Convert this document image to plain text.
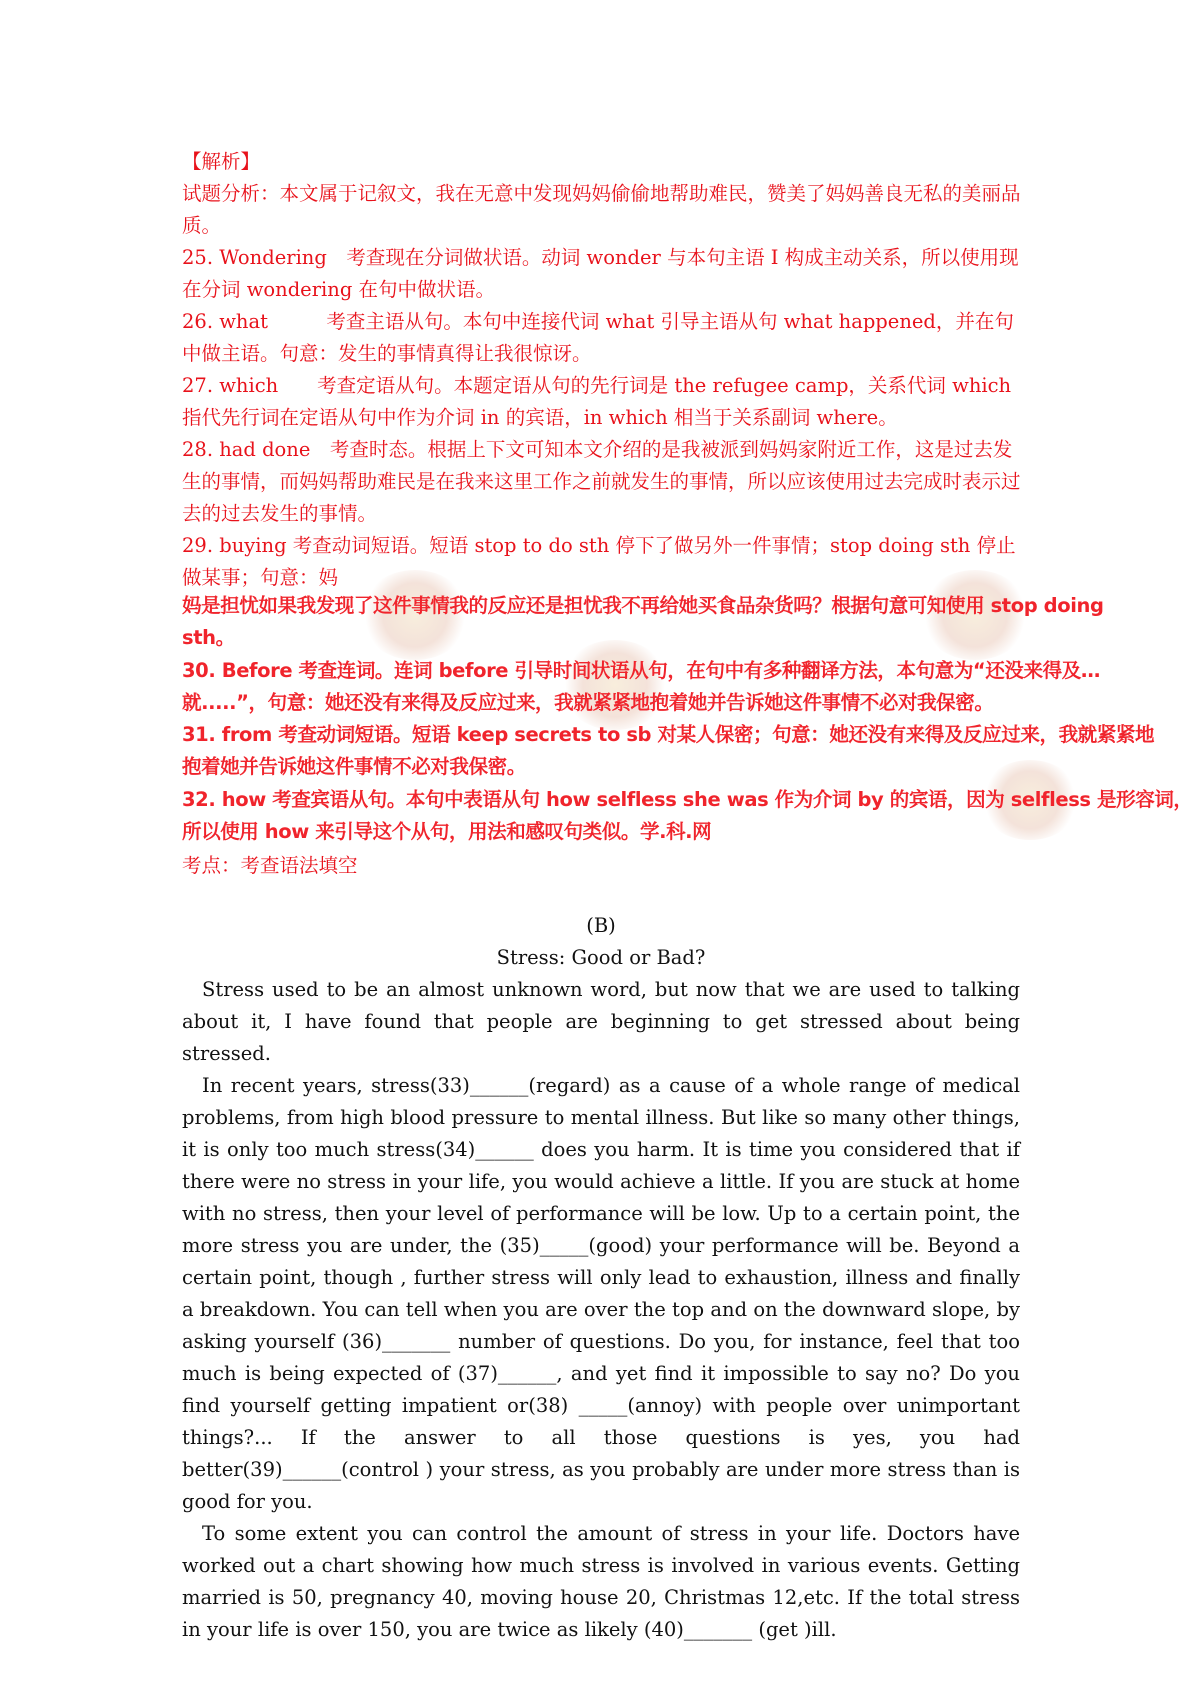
【解析】

试题分析：本文属于记叙文，我在无意中发现妈妈偷偷地帮助难民，赞美了妈妈善良无私的美丽品质。

25. Wondering　考查现在分词做状语。动词 wonder 与本句主语 I 构成主动关系，所以使用现在分词 wondering 在句中做状语。

26. what　　　考查主语从句。本句中连接代词 what 引导主语从句 what happened，并在句中做主语。句意：发生的事情真得让我很惊讶。

27. which　　考查定语从句。本题定语从句的先行词是 the refugee camp，关系代词 which 指代先行词在定语从句中作为介词 in 的宾语，in which 相当于关系副词 where。

28. had done　考查时态。根据上下文可知本文介绍的是我被派到妈妈家附近工作，这是过去发生的事情，而妈妈帮助难民是在我来这里工作之前就发生的事情，所以应该使用过去完成时表示过去的过去发生的事情。

29. buying 考查动词短语。短语 stop to do sth 停下了做另外一件事情；stop doing sth 停止做某事；句意：妈

妈是担忧如果我发现了这件事情我的反应还是担忧我不再给她买食品杂货吗？根据句意可知使用 stop doing

sth。

30. Before 考查连词。连词 before 引导时间状语从句，在句中有多种翻译方法，本句意为“还没来得及…

就.....”，句意：她还没有来得及反应过来，我就紧紧地抱着她并告诉她这件事情不必对我保密。

31. from 考查动词短语。短语 keep secrets to sb 对某人保密；句意：她还没有来得及反应过来，我就紧紧地

抱着她并告诉她这件事情不必对我保密。

32. how 考查宾语从句。本句中表语从句 how selfless she was 作为介词 by 的宾语，因为 selfless 是形容词，

所以使用 how 来引导这个从句，用法和感叹句类似。学.科.网

考点：考查语法填空

(B)

Stress: Good or Bad?

Stress used to be an almost unknown word, but now that we are used to talking about it, I have found that people are beginning to get stressed about being stressed.

In recent years, stress(33)______(regard) as a cause of a whole range of medical problems, from high blood pressure to mental illness. But like so many other things, it is only too much stress(34)______ does you harm. It is time you considered that if there were no stress in your life, you would achieve a little. If you are stuck at home with no stress, then your level of performance will be low. Up to a certain point, the more stress you are under, the (35)_____(good) your performance will be. Beyond a certain point, though , further stress will only lead to exhaustion, illness and finally a breakdown. You can tell when you are over the top and on the downward slope, by asking yourself (36)_______ number of questions. Do you, for instance, feel that too much is being expected of (37)______, and yet find it impossible to say no? Do you find yourself getting impatient or(38) _____(annoy) with people over unimportant things?... If the answer to all those questions is yes, you had better(39)______(control ) your stress, as you probably are under more stress than is good for you.

To some extent you can control the amount of stress in your life. Doctors have worked out a chart showing how much stress is involved in various events. Getting married is 50, pregnancy 40, moving house 20, Christmas 12,etc. If the total stress in your life is over 150, you are twice as likely (40)_______ (get )ill.
